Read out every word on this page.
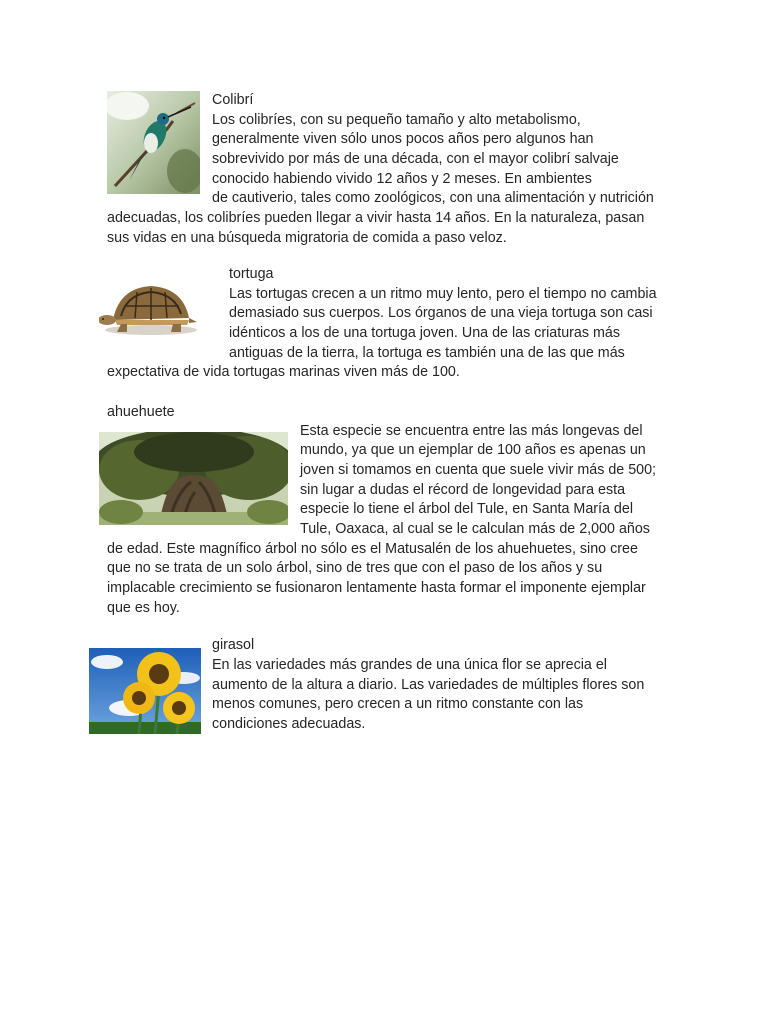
Colibrí
Los colibríes, con su pequeño tamaño y alto metabolismo,
generalmente viven sólo unos pocos años pero algunos han
sobrevivido por más de una década, con el mayor colibrí salvaje
conocido habiendo vivido 12 años y 2 meses. En ambientes
de cautiverio, tales como zoológicos, con una alimentación y nutrición
adecuadas, los colibríes pueden llegar a vivir hasta 14 años. En la naturaleza, pasan
sus vidas en una búsqueda migratoria de comida a paso veloz.
tortuga
Las tortugas crecen a un ritmo muy lento, pero el tiempo no cambia
demasiado sus cuerpos. Los órganos de una vieja tortuga son casi
idénticos a los de una tortuga joven. Una de las criaturas más
antiguas de la tierra, la tortuga es también una de las que más
expectativa de vida tortugas marinas viven más de 100.
ahuehuete
Esta especie se encuentra entre las más longevas del
mundo, ya que un ejemplar de 100 años es apenas un
joven si tomamos en cuenta que suele vivir más de 500;
sin lugar a dudas el récord de longevidad para esta
especie lo tiene el árbol del Tule, en Santa María del
Tule, Oaxaca, al cual se le calculan más de 2,000 años
de edad. Este magnífico árbol no sólo es el Matusalén de los ahuehuetes, sino cree
que no se trata de un solo árbol, sino de tres que con el paso de los años y su
implacable crecimiento se fusionaron lentamente hasta formar el imponente ejemplar
que es hoy.
girasol
En las variedades más grandes de una única flor se aprecia el
aumento de la altura a diario. Las variedades de múltiples flores son
menos comunes, pero crecen a un ritmo constante con las
condiciones adecuadas.
